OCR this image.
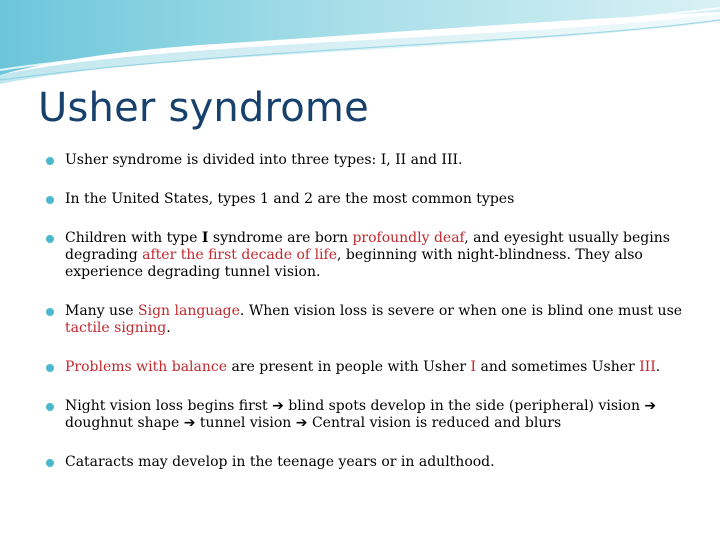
Usher syndrome
Usher syndrome is divided into three types: I, II and III.
In the United States, types 1 and 2 are the most common types
Children with type I syndrome are born profoundly deaf, and eyesight usually begins degrading after the first decade of life, beginning with night-blindness. They also experience degrading tunnel vision.
Many use Sign language. When vision loss is severe or when one is blind one must use tactile signing.
Problems with balance are present in people with Usher I and sometimes Usher III.
Night vision loss begins first ➔ blind spots develop in the side (peripheral) vision ➔ doughnut shape ➔ tunnel vision ➔ Central vision is reduced and blurs
Cataracts may develop in the teenage years or in adulthood.
